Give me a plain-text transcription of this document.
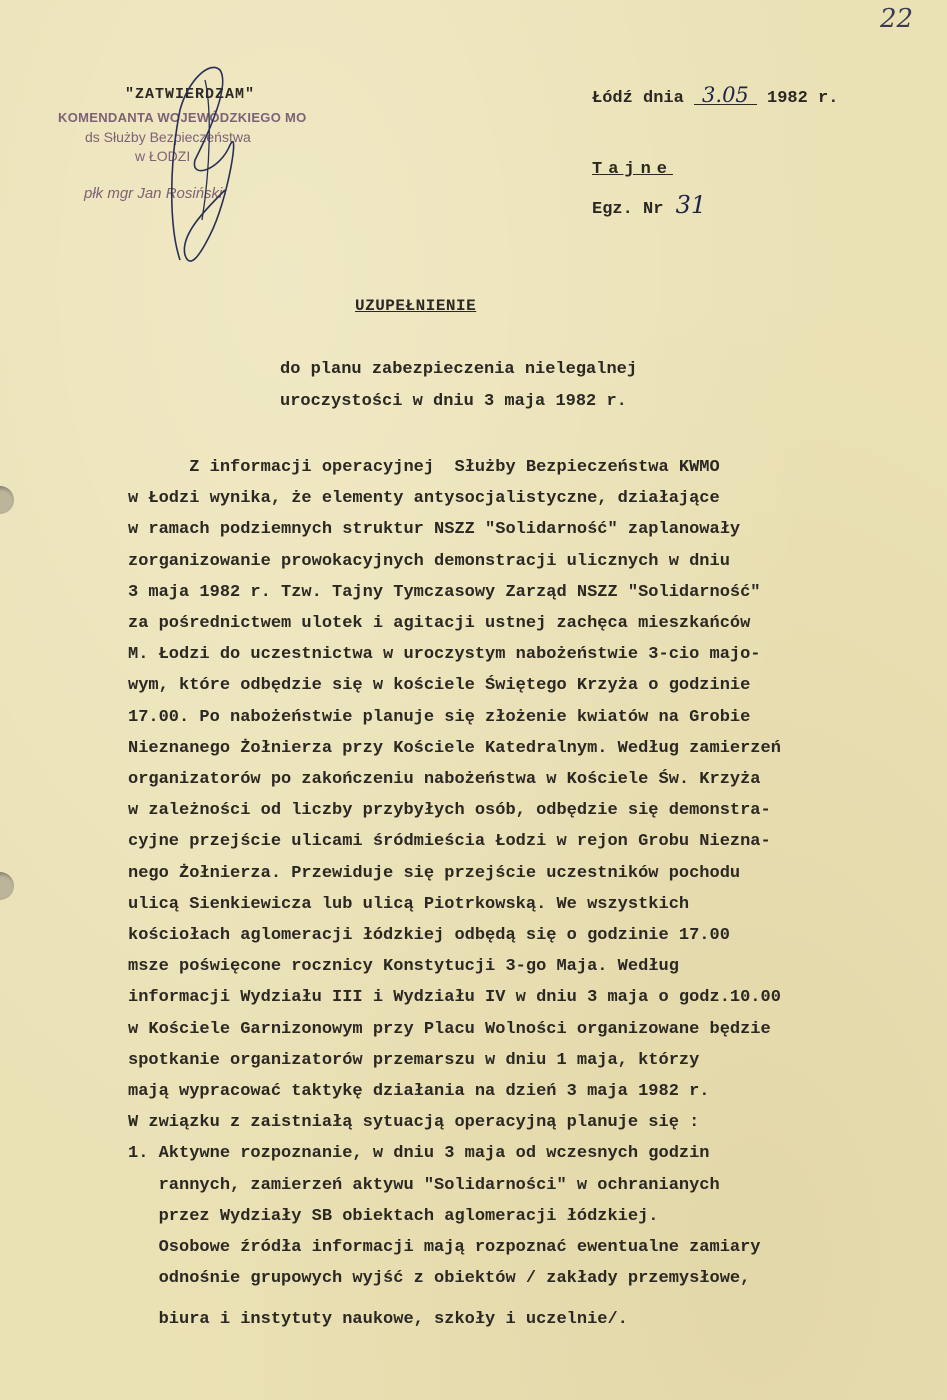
22
"ZATWIERDZAM"
KOMENDANTA WOJEWÓDZKIEGO MO
ds Służby Bezpieczeństwa
w ŁODZI
płk mgr Jan Rosiński
Łódź dnia 3.05 1982 r.
Tajne
Egz. Nr 31
UZUPEŁNIENIE
do planu zabezpieczenia nielegalnej
uroczystości w dniu 3 maja 1982 r.
Z informacji operacyjnej  Służby Bezpieczeństwa KWMO
w Łodzi wynika, że elementy antysocjalistyczne, działające
w ramach podziemnych struktur NSZZ "Solidarność" zaplanowały
zorganizowanie prowokacyjnych demonstracji ulicznych w dniu
3 maja 1982 r. Tzw. Tajny Tymczasowy Zarząd NSZZ "Solidarność"
za pośrednictwem ulotek i agitacji ustnej zachęca mieszkańców
M. Łodzi do uczestnictwa w uroczystym nabożeństwie 3-cio majo-
wym, które odbędzie się w kościele Świętego Krzyża o godzinie
17.00. Po nabożeństwie planuje się złożenie kwiatów na Grobie
Nieznanego Żołnierza przy Kościele Katedralnym. Według zamierzeń
organizatorów po zakończeniu nabożeństwa w Kościele Św. Krzyża
w zależności od liczby przybyłych osób, odbędzie się demonstra-
cyjne przejście ulicami śródmieścia Łodzi w rejon Grobu Niezna-
nego Żołnierza. Przewiduje się przejście uczestników pochodu
ulicą Sienkiewicza lub ulicą Piotrkowską. We wszystkich
kościołach aglomeracji łódzkiej odbędą się o godzinie 17.00
msze poświęcone rocznicy Konstytucji 3-go Maja. Według
informacji Wydziału III i Wydziału IV w dniu 3 maja o godz.10.00
w Kościele Garnizonowym przy Placu Wolności organizowane będzie
spotkanie organizatorów przemarszu w dniu 1 maja, którzy
mają wypracować taktykę działania na dzień 3 maja 1982 r.
W związku z zaistniałą sytuacją operacyjną planuje się :
1. Aktywne rozpoznanie, w dniu 3 maja od wczesnych godzin
rannych, zamierzeń aktywu "Solidarności" w ochranianych
przez Wydziały SB obiektach aglomeracji łódzkiej.
Osobowe źródła informacji mają rozpoznać ewentualne zamiary
odnośnie grupowych wyjść z obiektów / zakłady przemysłowe,
biura i instytuty naukowe, szkoły i uczelnie/.
